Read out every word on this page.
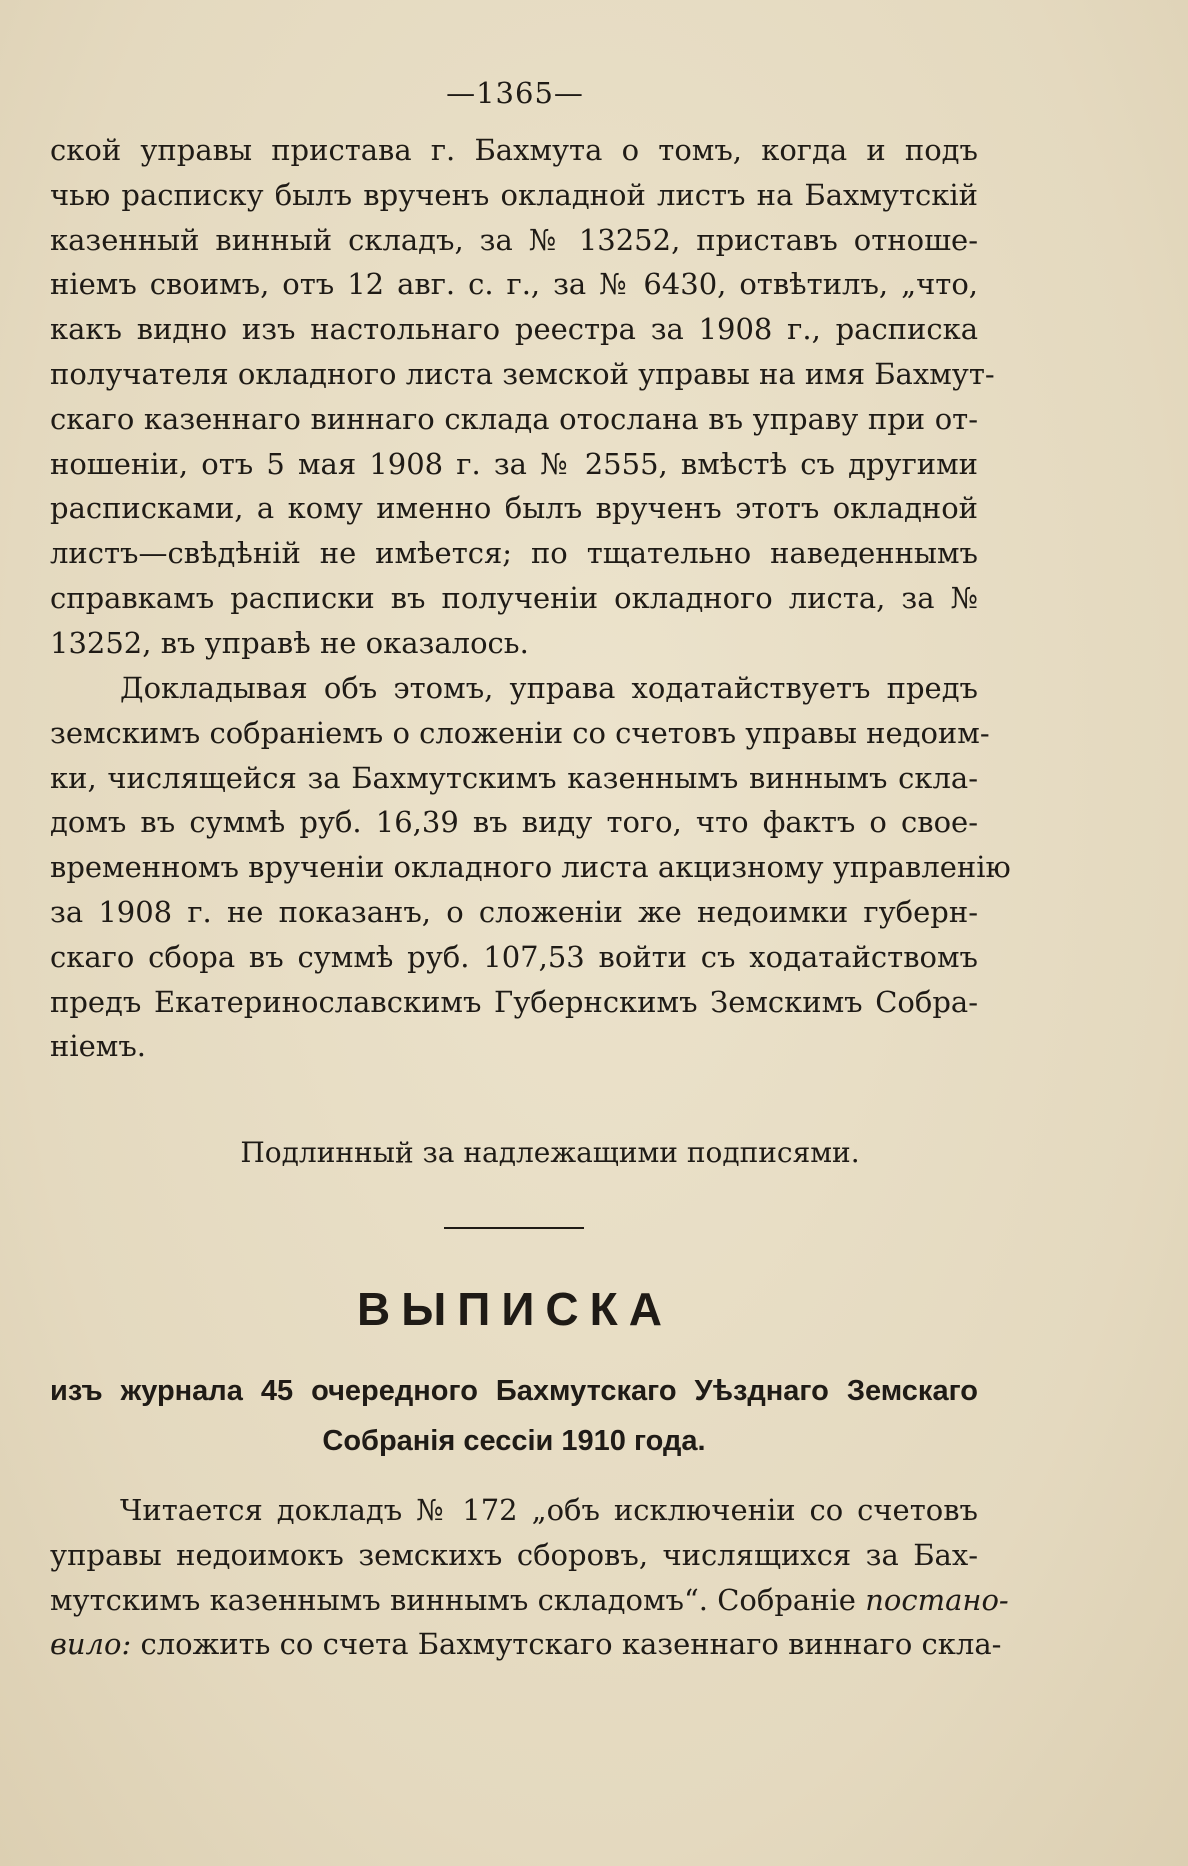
—1365—
ской управы пристава г. Бахмута о томъ, когда и подъ
чью расписку былъ врученъ окладной листъ на Бахмутскiй
казенный винный складъ, за № 13252, приставъ отноше-
нiемъ своимъ, отъ 12 авг. с. г., за № 6430, отвѣтилъ, „что,
какъ видно изъ настольнаго реестра за 1908 г., расписка
получателя окладного листа земской управы на имя Бахмут-
скаго казеннаго виннаго склада отослана въ управу при от-
ношенiи, отъ 5 мая 1908 г. за № 2555, вмѣстѣ съ другими
расписками, а кому именно былъ врученъ этотъ окладной
листъ—свѣдѣнiй не имѣется; по тщательно наведеннымъ
справкамъ расписки въ полученiи окладного листа, за №
13252, въ управѣ не оказалось.
Докладывая объ этомъ, управа ходатайствуетъ предъ
земскимъ собранiемъ о сложенiи со счетовъ управы недоим-
ки, числящейся за Бахмутскимъ казеннымъ виннымъ скла-
домъ въ суммѣ руб. 16,39 въ виду того, что фактъ о свое-
временномъ врученiи окладного листа акцизному управленiю
за 1908 г. не показанъ, о сложенiи же недоимки губерн-
скаго сбора въ суммѣ руб. 107,53 войти съ ходатайствомъ
предъ Екатеринославскимъ Губернскимъ Земскимъ Собра-
нiемъ.
Подлинный за надлежащими подписями.
ВЫПИСКА
изъ журнала 45 очередного Бахмутскаго Уѣзднаго Земскаго
Собранiя сессiи 1910 года.
Читается докладъ № 172 „объ исключенiи со счетовъ
управы недоимокъ земскихъ сборовъ, числящихся за Бах-
мутскимъ казеннымъ виннымъ складомъ“. Собранiе постано-
вило: сложить со счета Бахмутскаго казеннаго виннаго скла-
